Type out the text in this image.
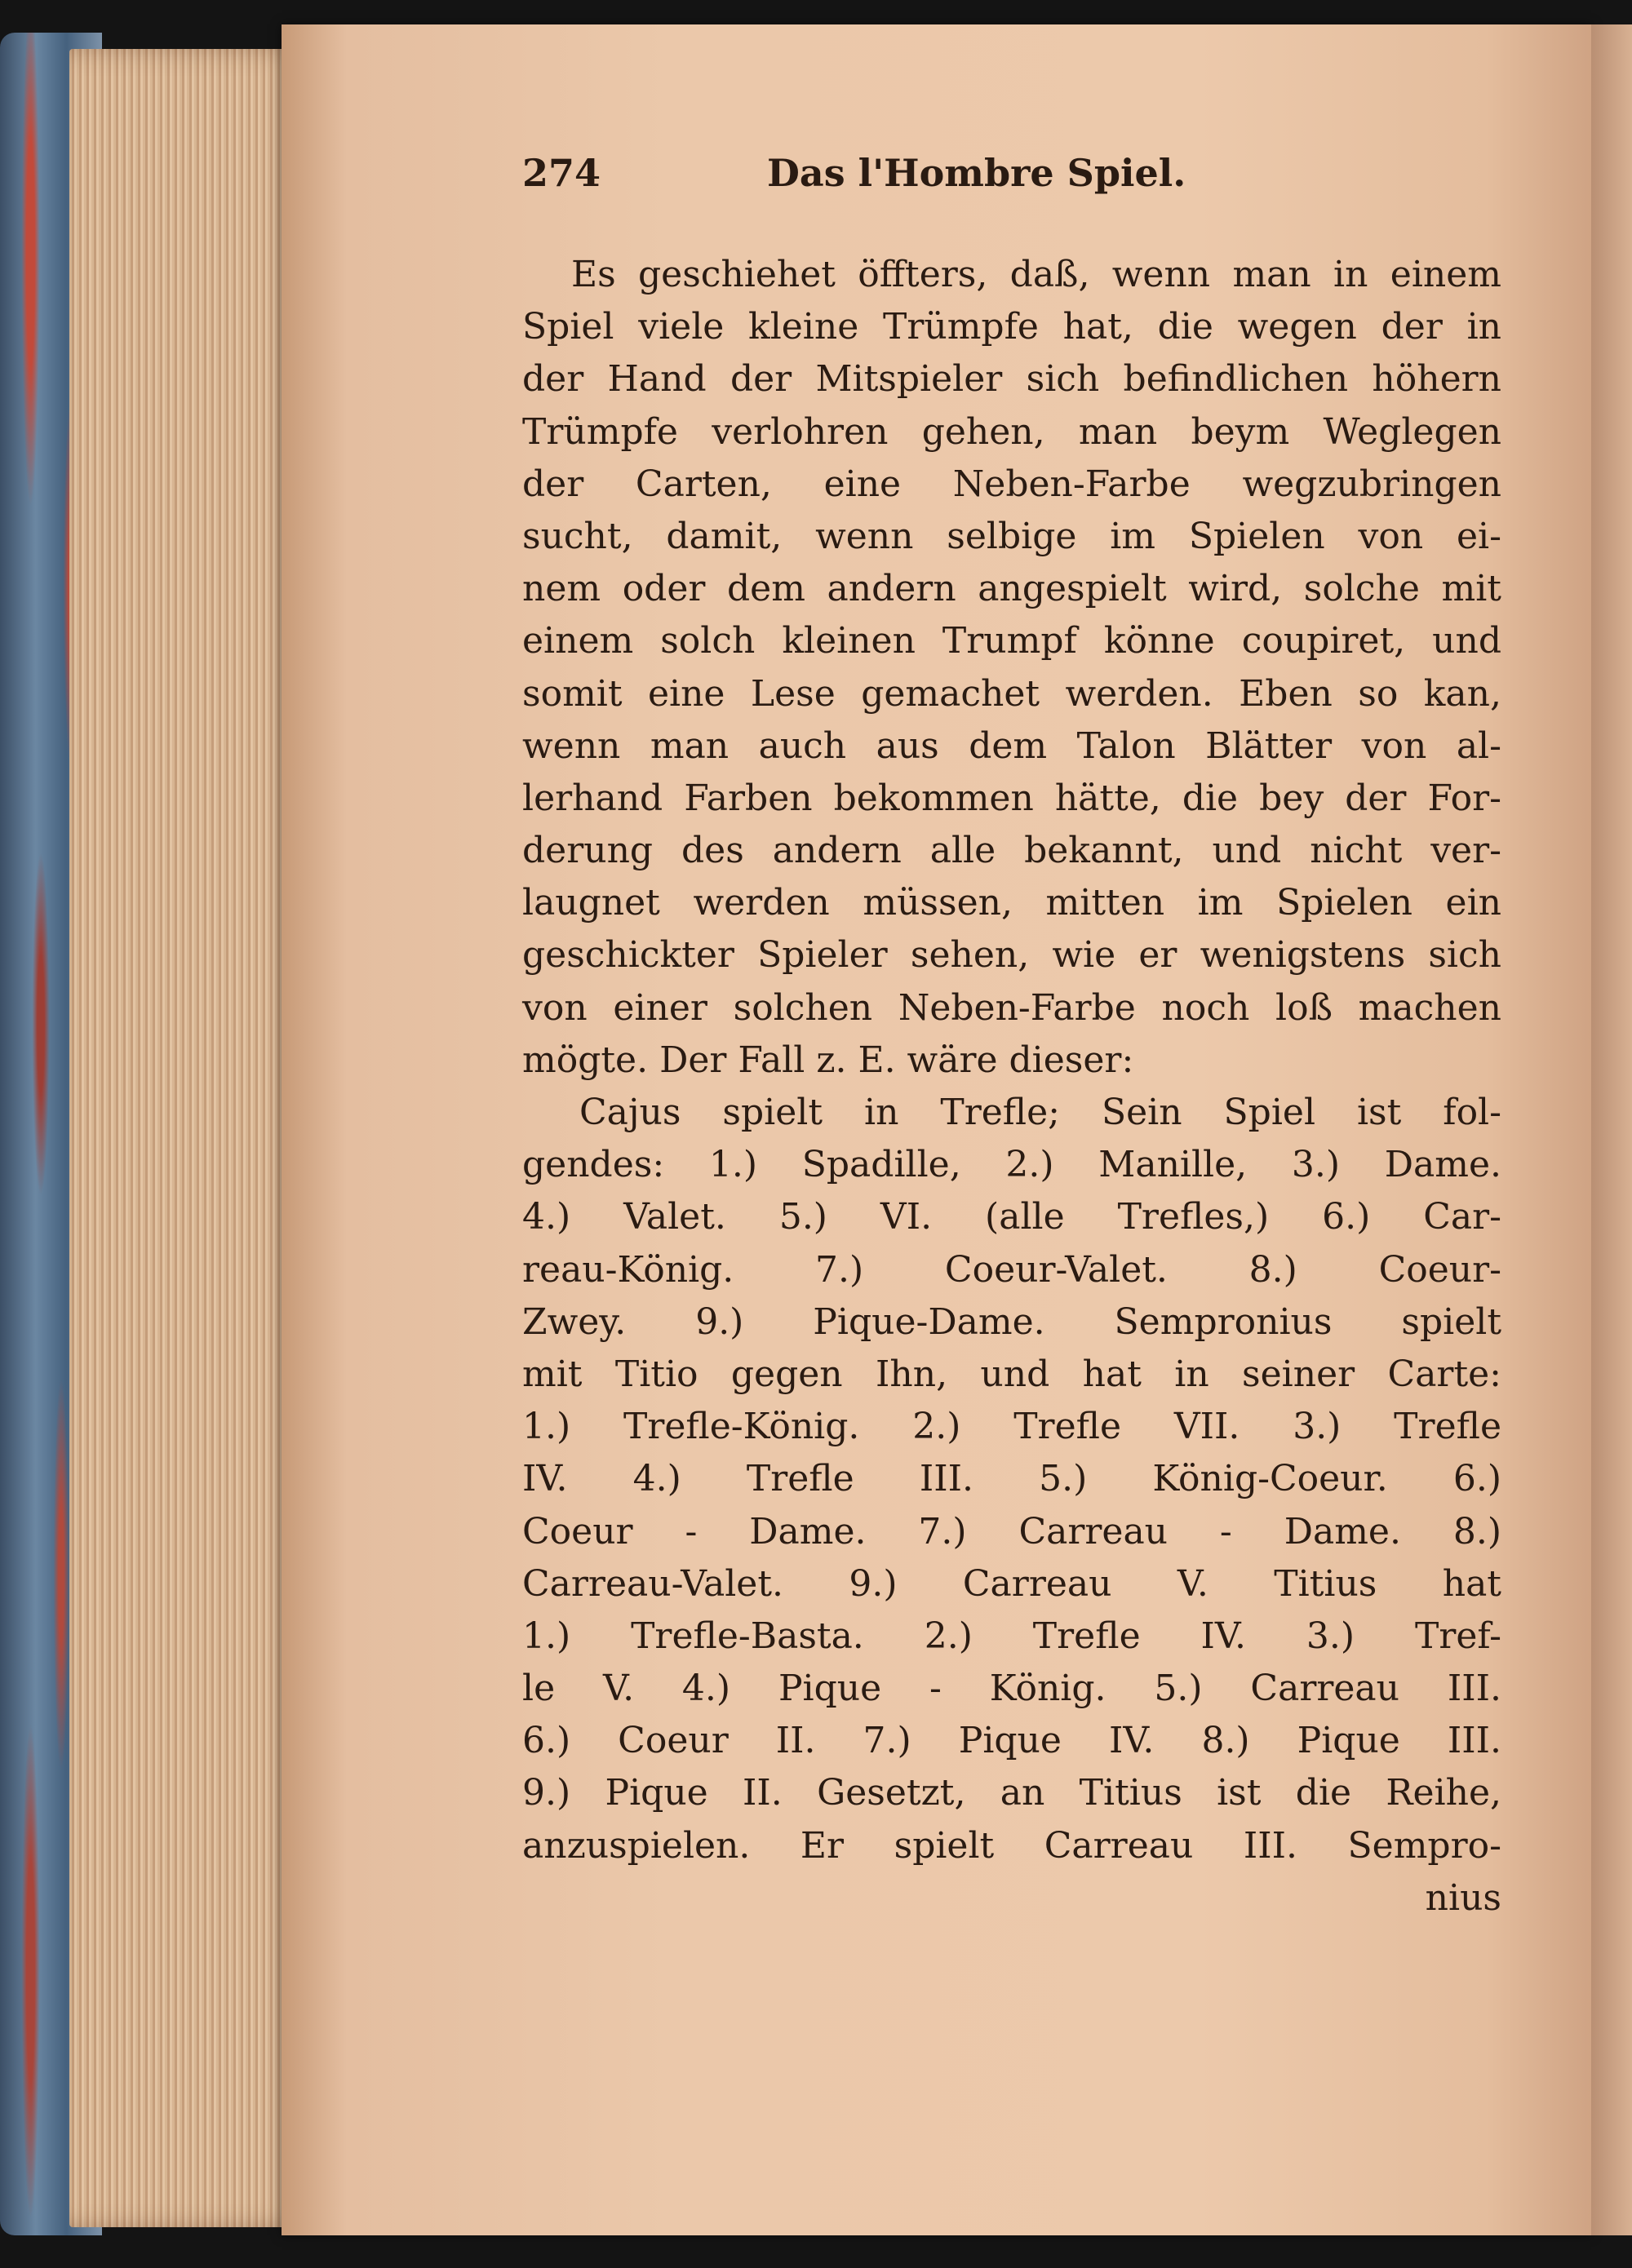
274	Das l'Hombre Spiel.
Es geschiehet öffters, daß, wenn man in einem
Spiel viele kleine Trümpfe hat, die wegen der in
der Hand der Mitspieler sich befindlichen höhern
Trümpfe verlohren gehen, man beym Weglegen
der Carten, eine Neben-Farbe wegzubringen
sucht, damit, wenn selbige im Spielen von ei-
nem oder dem andern angespielt wird, solche mit
einem solch kleinen Trumpf könne coupiret, und
somit eine Lese gemachet werden. Eben so kan,
wenn man auch aus dem Talon Blätter von al-
lerhand Farben bekommen hätte, die bey der For-
derung des andern alle bekannt, und nicht ver-
laugnet werden müssen, mitten im Spielen ein
geschickter Spieler sehen, wie er wenigstens sich
von einer solchen Neben-Farbe noch loß machen
mögte. Der Fall z. E. wäre dieser:
Cajus spielt in Trefle; Sein Spiel ist fol-
gendes: 1.) Spadille, 2.) Manille, 3.) Dame.
4.) Valet. 5.) VI. (alle Trefles,) 6.) Car-
reau-König. 7.) Coeur-Valet. 8.) Coeur-
Zwey. 9.) Pique-Dame. Sempronius spielt
mit Titio gegen Ihn, und hat in seiner Carte:
1.) Trefle-König. 2.) Trefle VII. 3.) Trefle
IV. 4.) Trefle III. 5.) König-Coeur. 6.)
Coeur - Dame. 7.) Carreau - Dame. 8.)
Carreau-Valet. 9.) Carreau V. Titius hat
1.) Trefle-Basta. 2.) Trefle IV. 3.) Tref-
le V. 4.) Pique - König. 5.) Carreau III.
6.) Coeur II. 7.) Pique IV. 8.) Pique III.
9.) Pique II. Gesetzt, an Titius ist die Reihe,
anzuspielen. Er spielt Carreau III. Sempro-
nius
